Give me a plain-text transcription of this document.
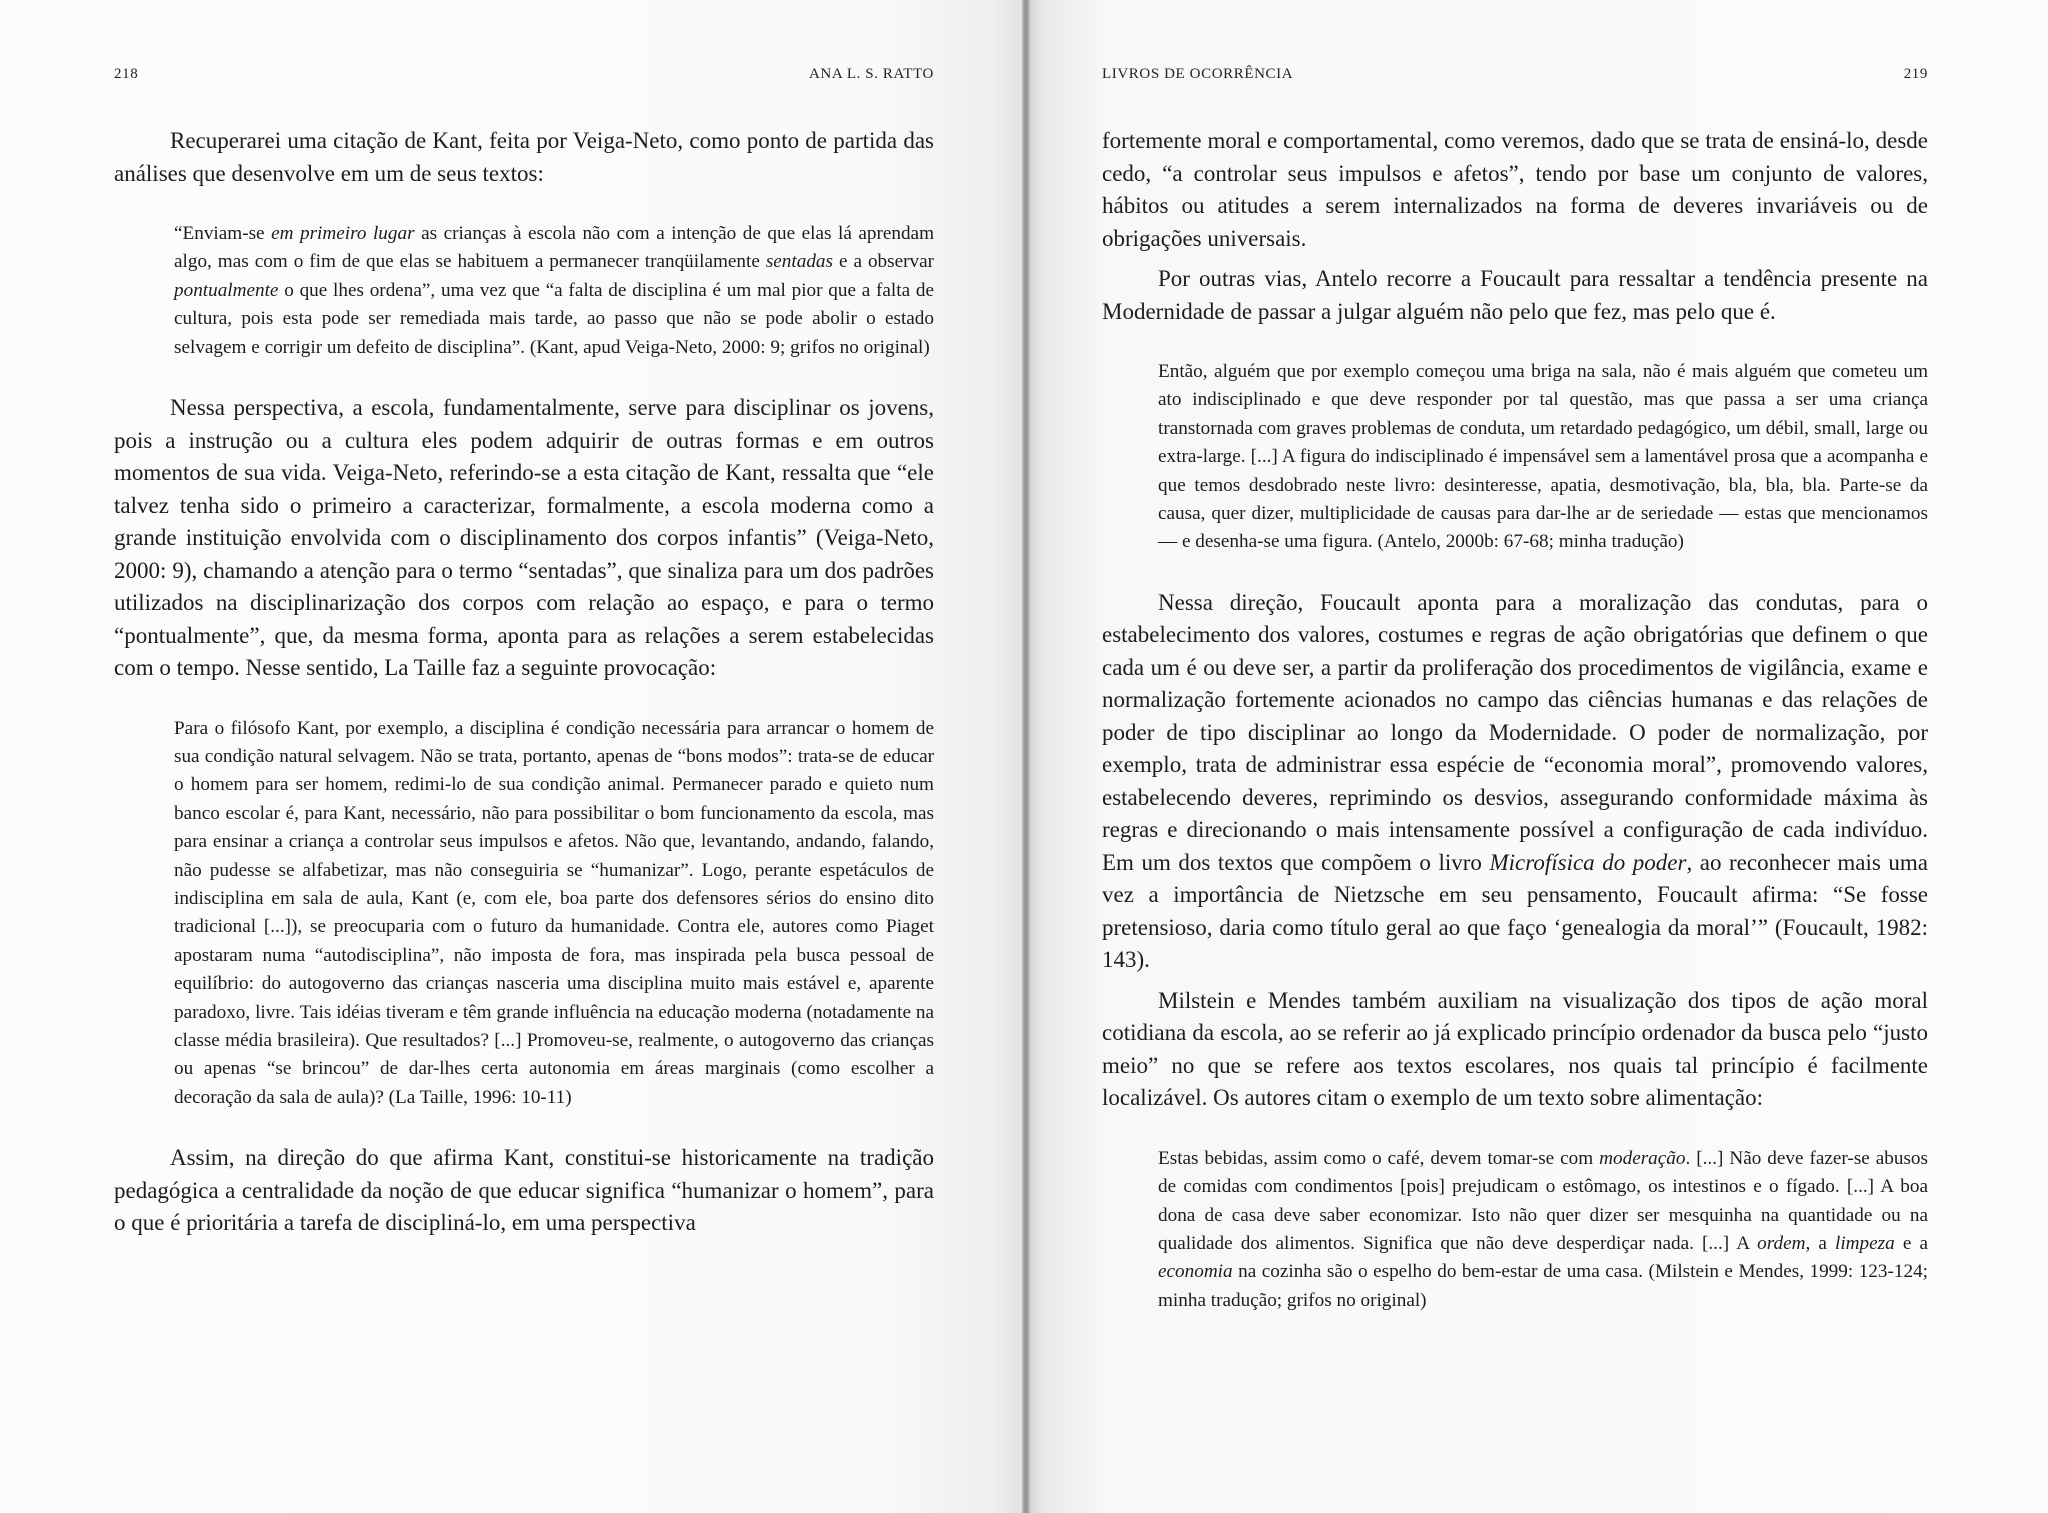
218	ANA L. S. RATTO

Recuperarei uma citação de Kant, feita por Veiga-Neto, como ponto de partida das análises que desenvolve em um de seus textos:

“Enviam-se em primeiro lugar as crianças à escola não com a intenção de que elas lá aprendam algo, mas com o fim de que elas se habituem a permanecer tranqüilamente sentadas e a observar pontualmente o que lhes ordena”, uma vez que “a falta de disciplina é um mal pior que a falta de cultura, pois esta pode ser remediada mais tarde, ao passo que não se pode abolir o estado selvagem e corrigir um defeito de disciplina”. (Kant, apud Veiga-Neto, 2000: 9; grifos no original)

Nessa perspectiva, a escola, fundamentalmente, serve para disciplinar os jovens, pois a instrução ou a cultura eles podem adquirir de outras formas e em outros momentos de sua vida. Veiga-Neto, referindo-se a esta citação de Kant, ressalta que “ele talvez tenha sido o primeiro a caracterizar, formalmente, a escola moderna como a grande instituição envolvida com o disciplinamento dos corpos infantis” (Veiga-Neto, 2000: 9), chamando a atenção para o termo “sentadas”, que sinaliza para um dos padrões utilizados na disciplinarização dos corpos com relação ao espaço, e para o termo “pontualmente”, que, da mesma forma, aponta para as relações a serem estabelecidas com o tempo. Nesse sentido, La Taille faz a seguinte provocação:

Para o filósofo Kant, por exemplo, a disciplina é condição necessária para arrancar o homem de sua condição natural selvagem. Não se trata, portanto, apenas de “bons modos”: trata-se de educar o homem para ser homem, redimi-lo de sua condição animal. Permanecer parado e quieto num banco escolar é, para Kant, necessário, não para possibilitar o bom funcionamento da escola, mas para ensinar a criança a controlar seus impulsos e afetos. Não que, levantando, andando, falando, não pudesse se alfabetizar, mas não conseguiria se “humanizar”. Logo, perante espetáculos de indisciplina em sala de aula, Kant (e, com ele, boa parte dos defensores sérios do ensino dito tradicional [...]), se preocuparia com o futuro da humanidade. Contra ele, autores como Piaget apostaram numa “autodisciplina”, não imposta de fora, mas inspirada pela busca pessoal de equilíbrio: do autogoverno das crianças nasceria uma disciplina muito mais estável e, aparente paradoxo, livre. Tais idéias tiveram e têm grande influência na educação moderna (notadamente na classe média brasileira). Que resultados? [...] Promoveu-se, realmente, o autogoverno das crianças ou apenas “se brincou” de dar-lhes certa autonomia em áreas marginais (como escolher a decoração da sala de aula)? (La Taille, 1996: 10-11)

Assim, na direção do que afirma Kant, constitui-se historicamente na tradição pedagógica a centralidade da noção de que educar significa “humanizar o homem”, para o que é prioritária a tarefa de discipliná-lo, em uma perspectiva

LIVROS DE OCORRÊNCIA	219

fortemente moral e comportamental, como veremos, dado que se trata de ensiná-lo, desde cedo, “a controlar seus impulsos e afetos”, tendo por base um conjunto de valores, hábitos ou atitudes a serem internalizados na forma de deveres invariáveis ou de obrigações universais.

Por outras vias, Antelo recorre a Foucault para ressaltar a tendência presente na Modernidade de passar a julgar alguém não pelo que fez, mas pelo que é.

Então, alguém que por exemplo começou uma briga na sala, não é mais alguém que cometeu um ato indisciplinado e que deve responder por tal questão, mas que passa a ser uma criança transtornada com graves problemas de conduta, um retardado pedagógico, um débil, small, large ou extra-large. [...] A figura do indisciplinado é impensável sem a lamentável prosa que a acompanha e que temos desdobrado neste livro: desinteresse, apatia, desmotivação, bla, bla, bla. Parte-se da causa, quer dizer, multiplicidade de causas para dar-lhe ar de seriedade — estas que mencionamos — e desenha-se uma figura. (Antelo, 2000b: 67-68; minha tradução)

Nessa direção, Foucault aponta para a moralização das condutas, para o estabelecimento dos valores, costumes e regras de ação obrigatórias que definem o que cada um é ou deve ser, a partir da proliferação dos procedimentos de vigilância, exame e normalização fortemente acionados no campo das ciências humanas e das relações de poder de tipo disciplinar ao longo da Modernidade. O poder de normalização, por exemplo, trata de administrar essa espécie de “economia moral”, promovendo valores, estabelecendo deveres, reprimindo os desvios, assegurando conformidade máxima às regras e direcionando o mais intensamente possível a configuração de cada indivíduo. Em um dos textos que compõem o livro Microfísica do poder, ao reconhecer mais uma vez a importância de Nietzsche em seu pensamento, Foucault afirma: “Se fosse pretensioso, daria como título geral ao que faço ‘genealogia da moral’” (Foucault, 1982: 143).

Milstein e Mendes também auxiliam na visualização dos tipos de ação moral cotidiana da escola, ao se referir ao já explicado princípio ordenador da busca pelo “justo meio” no que se refere aos textos escolares, nos quais tal princípio é facilmente localizável. Os autores citam o exemplo de um texto sobre alimentação:

Estas bebidas, assim como o café, devem tomar-se com moderação. [...] Não deve fazer-se abusos de comidas com condimentos [pois] prejudicam o estômago, os intestinos e o fígado. [...] A boa dona de casa deve saber economizar. Isto não quer dizer ser mesquinha na quantidade ou na qualidade dos alimentos. Significa que não deve desperdiçar nada. [...] A ordem, a limpeza e a economia na cozinha são o espelho do bem-estar de uma casa. (Milstein e Mendes, 1999: 123-124; minha tradução; grifos no original)
